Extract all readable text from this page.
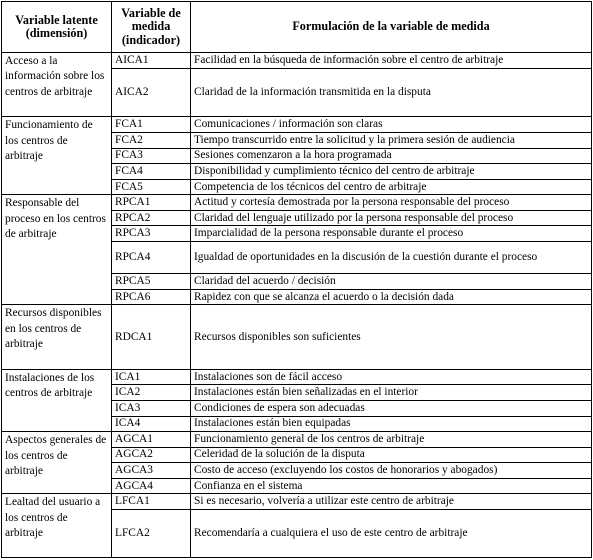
Variable latente (dimensión)	Variable de medida (indicador)	Formulación de la variable de medida
Acceso a la información sobre los centros de arbitraje	AICA1	Facilidad en la búsqueda de información sobre el centro de arbitraje
	AICA2	Claridad de la información transmitida en la disputa
Funcionamiento de los centros de arbitraje	FCA1	Comunicaciones / información son claras
	FCA2	Tiempo transcurrido entre la solicitud y la primera sesión de audiencia
	FCA3	Sesiones comenzaron a la hora programada
	FCA4	Disponibilidad y cumplimiento técnico del centro de arbitraje
	FCA5	Competencia de los técnicos del centro de arbitraje
Responsable del proceso en los centros de arbitraje	RPCA1	Actitud y cortesía demostrada por la persona responsable del proceso
	RPCA2	Claridad del lenguaje utilizado por la persona responsable del proceso
	RPCA3	Imparcialidad de la persona responsable durante el proceso
	RPCA4	Igualdad de oportunidades en la discusión de la cuestión durante el proceso
	RPCA5	Claridad del acuerdo / decisión
	RPCA6	Rapidez con que se alcanza el acuerdo o la decisión dada
Recursos disponibles en los centros de arbitraje	RDCA1	Recursos disponibles son suficientes
Instalaciones de los centros de arbitraje	ICA1	Instalaciones son de fácil acceso
	ICA2	Instalaciones están bien señalizadas en el interior
	ICA3	Condiciones de espera son adecuadas
	ICA4	Instalaciones están bien equipadas
Aspectos generales de los centros de arbitraje	AGCA1	Funcionamiento general de los centros de arbitraje
	AGCA2	Celeridad de la solución de la disputa
	AGCA3	Costo de acceso (excluyendo los costos de honorarios y abogados)
	AGCA4	Confianza en el sistema
Lealtad del usuario a los centros de arbitraje	LFCA1	Si es necesario, volvería a utilizar este centro de arbitraje
	LFCA2	Recomendaría a cualquiera el uso de este centro de arbitraje
